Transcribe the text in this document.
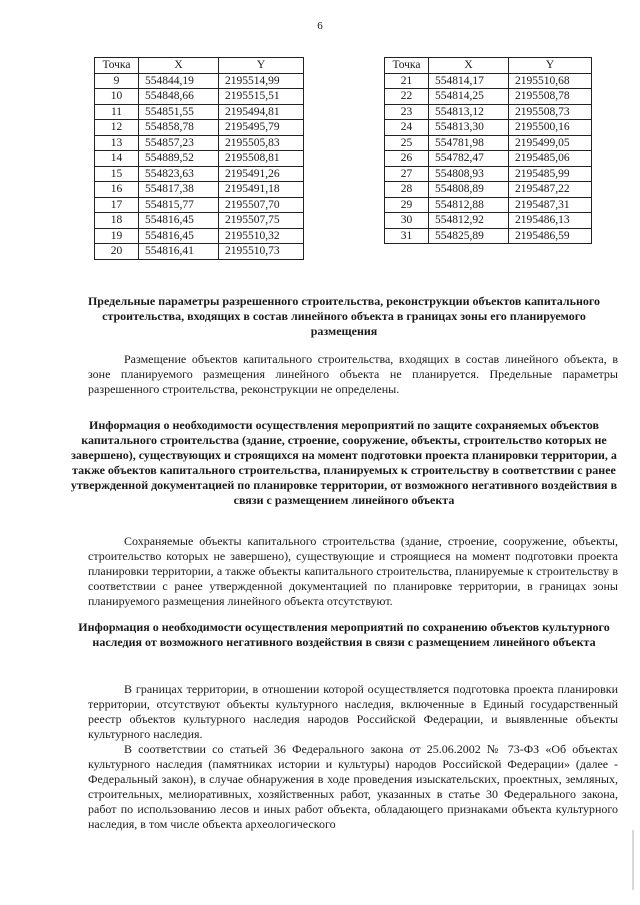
6
Точка	X	Y
9	554844,19	2195514,99
10	554848,66	2195515,51
11	554851,55	2195494,81
12	554858,78	2195495,79
13	554857,23	2195505,83
14	554889,52	2195508,81
15	554823,63	2195491,26
16	554817,38	2195491,18
17	554815,77	2195507,70
18	554816,45	2195507,75
19	554816,45	2195510,32
20	554816,41	2195510,73
Точка	X	Y
21	554814,17	2195510,68
22	554814,25	2195508,78
23	554813,12	2195508,73
24	554813,30	2195500,16
25	554781,98	2195499,05
26	554782,47	2195485,06
27	554808,93	2195485,99
28	554808,89	2195487,22
29	554812,88	2195487,31
30	554812,92	2195486,13
31	554825,89	2195486,59
Предельные параметры разрешенного строительства, реконструкции объектов капитального строительства, входящих в состав линейного объекта в границах зоны его планируемого размещения
Размещение объектов капитального строительства, входящих в состав линейного объекта, в зоне планируемого размещения линейного объекта не планируется. Предельные параметры разрешенного строительства, реконструкции не определены.
Информация о необходимости осуществления мероприятий по защите сохраняемых объектов капитального строительства (здание, строение, сооружение, объекты, строительство которых не завершено), существующих и строящихся на момент подготовки проекта планировки территории, а также объектов капитального строительства, планируемых к строительству в соответствии с ранее утвержденной документацией по планировке территории, от возможного негативного воздействия в связи с размещением линейного объекта
Сохраняемые объекты капитального строительства (здание, строение, сооружение, объекты, строительство которых не завершено), существующие и строящиеся на момент подготовки проекта планировки территории, а также объекты капитального строительства, планируемые к строительству в соответствии с ранее утвержденной документацией по планировке территории, в границах зоны планируемого размещения линейного объекта отсутствуют.
Информация о необходимости осуществления мероприятий по сохранению объектов культурного наследия от возможного негативного воздействия в связи с размещением линейного объекта
В границах территории, в отношении которой осуществляется подготовка проекта планировки территории, отсутствуют объекты культурного наследия, включенные в Единый государственный реестр объектов культурного наследия народов Российской Федерации, и выявленные объекты культурного наследия.
В соответствии со статьей 36 Федерального закона от 25.06.2002 № 73-ФЗ «Об объектах культурного наследия (памятниках истории и культуры) народов Российской Федерации» (далее - Федеральный закон), в случае обнаружения в ходе проведения изыскательских, проектных, земляных, строительных, мелиоративных, хозяйственных работ, указанных в статье 30 Федерального закона, работ по использованию лесов и иных работ объекта, обладающего признаками объекта культурного наследия, в том числе объекта археологического
